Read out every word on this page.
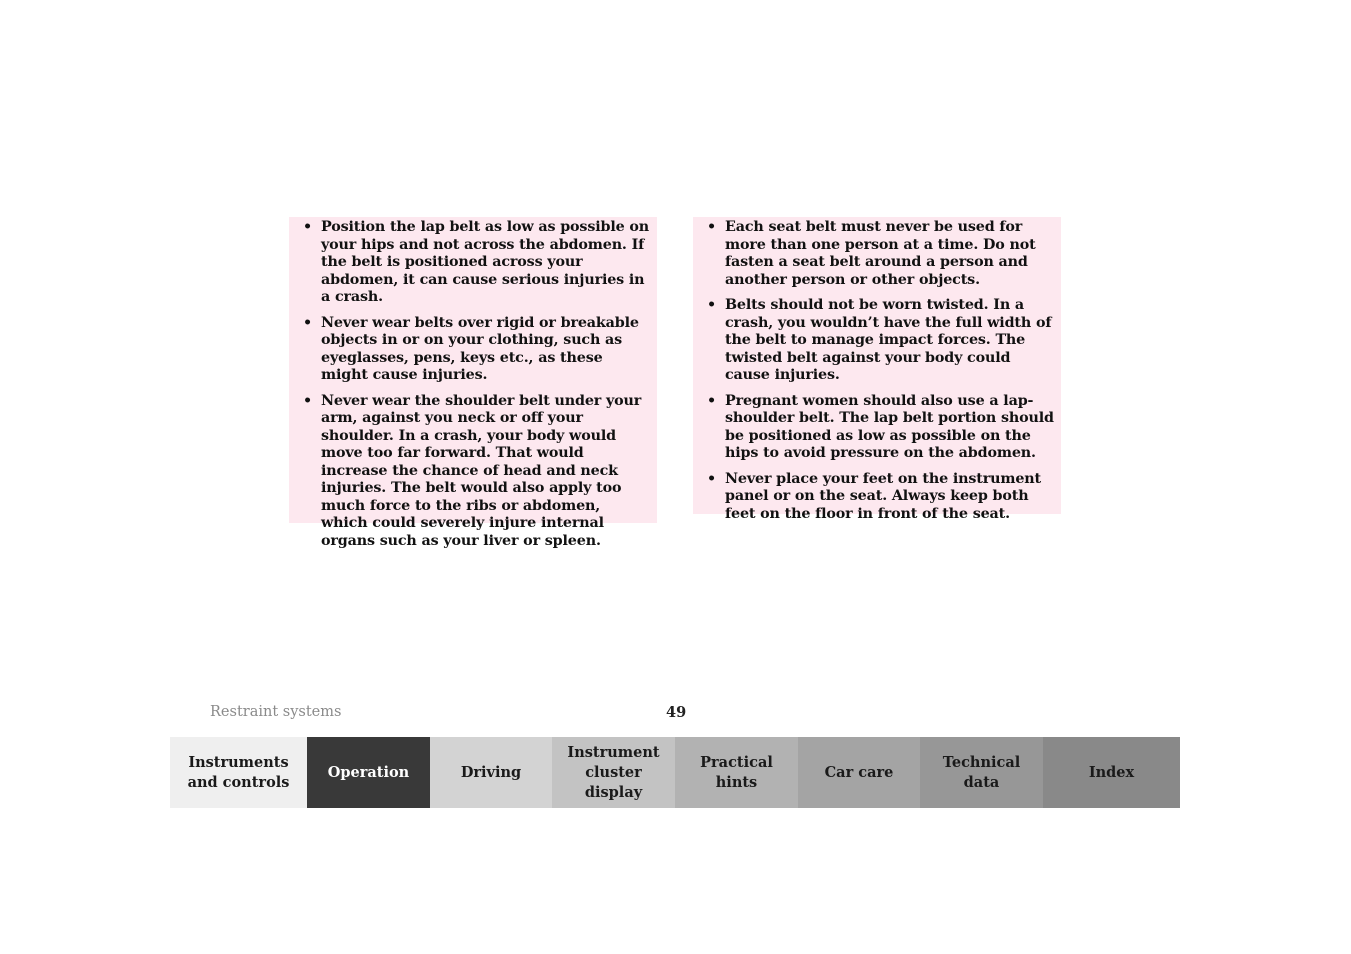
• Position the lap belt as low as possible on your hips and not across the abdomen. If the belt is positioned across your abdomen, it can cause serious injuries in a crash.
• Never wear belts over rigid or breakable objects in or on your clothing, such as eyeglasses, pens, keys etc., as these might cause injuries.
• Never wear the shoulder belt under your arm, against you neck or off your shoulder. In a crash, your body would move too far forward. That would increase the chance of head and neck injuries. The belt would also apply too much force to the ribs or abdomen, which could severely injure internal organs such as your liver or spleen.
• Each seat belt must never be used for more than one person at a time. Do not fasten a seat belt around a person and another person or other objects.
• Belts should not be worn twisted. In a crash, you wouldn’t have the full width of the belt to manage impact forces. The twisted belt against your body could cause injuries.
• Pregnant women should also use a lap-shoulder belt. The lap belt portion should be positioned as low as possible on the hips to avoid pressure on the abdomen.
• Never place your feet on the instrument panel or on the seat. Always keep both feet on the floor in front of the seat.
Restraint systems	49
Instruments
and controls
Operation	Driving
Instrument
cluster display
Practical hints
Car care
Technical
data
Index
